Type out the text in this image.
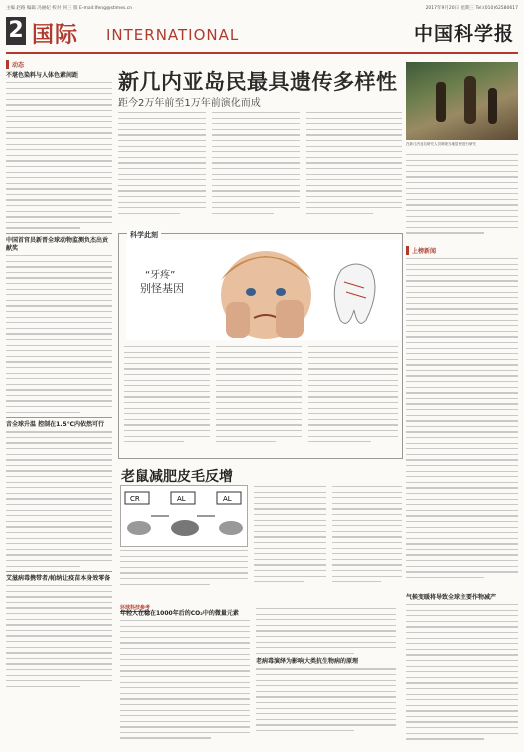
主编 赵路 编辑 冯丽妃 校对 何三 版 E-mail:lfeng@stimes.cn	2017年9月20日 星期三 Tel:(010)62580617
2 国际 INTERNATIONAL	中国科学报
动态
不堪色染料与人体色素间距
中国首官员新晋全球动物监测负杰出贡献奖
音全球升温 控制在1.5℃内依然可行
艾滋病毒携带者/帕纳让疫苗本身效零备
新几内亚岛民最具遗传多样性
距今2万年前至1万年前演化而成
在新几内亚岛研究人员调查当地居民进行研究
上榜新闻
科学此刻
“牙疼”
别怪基因
老鼠减肥皮毛反增
CR	AL	AL
环球科技参考
年轻人在稳在1000年后的CO₂中的微量元素
老病毒演绎为影响大类抗生物病的原理
气候变暖将导致全球主要作物减产
